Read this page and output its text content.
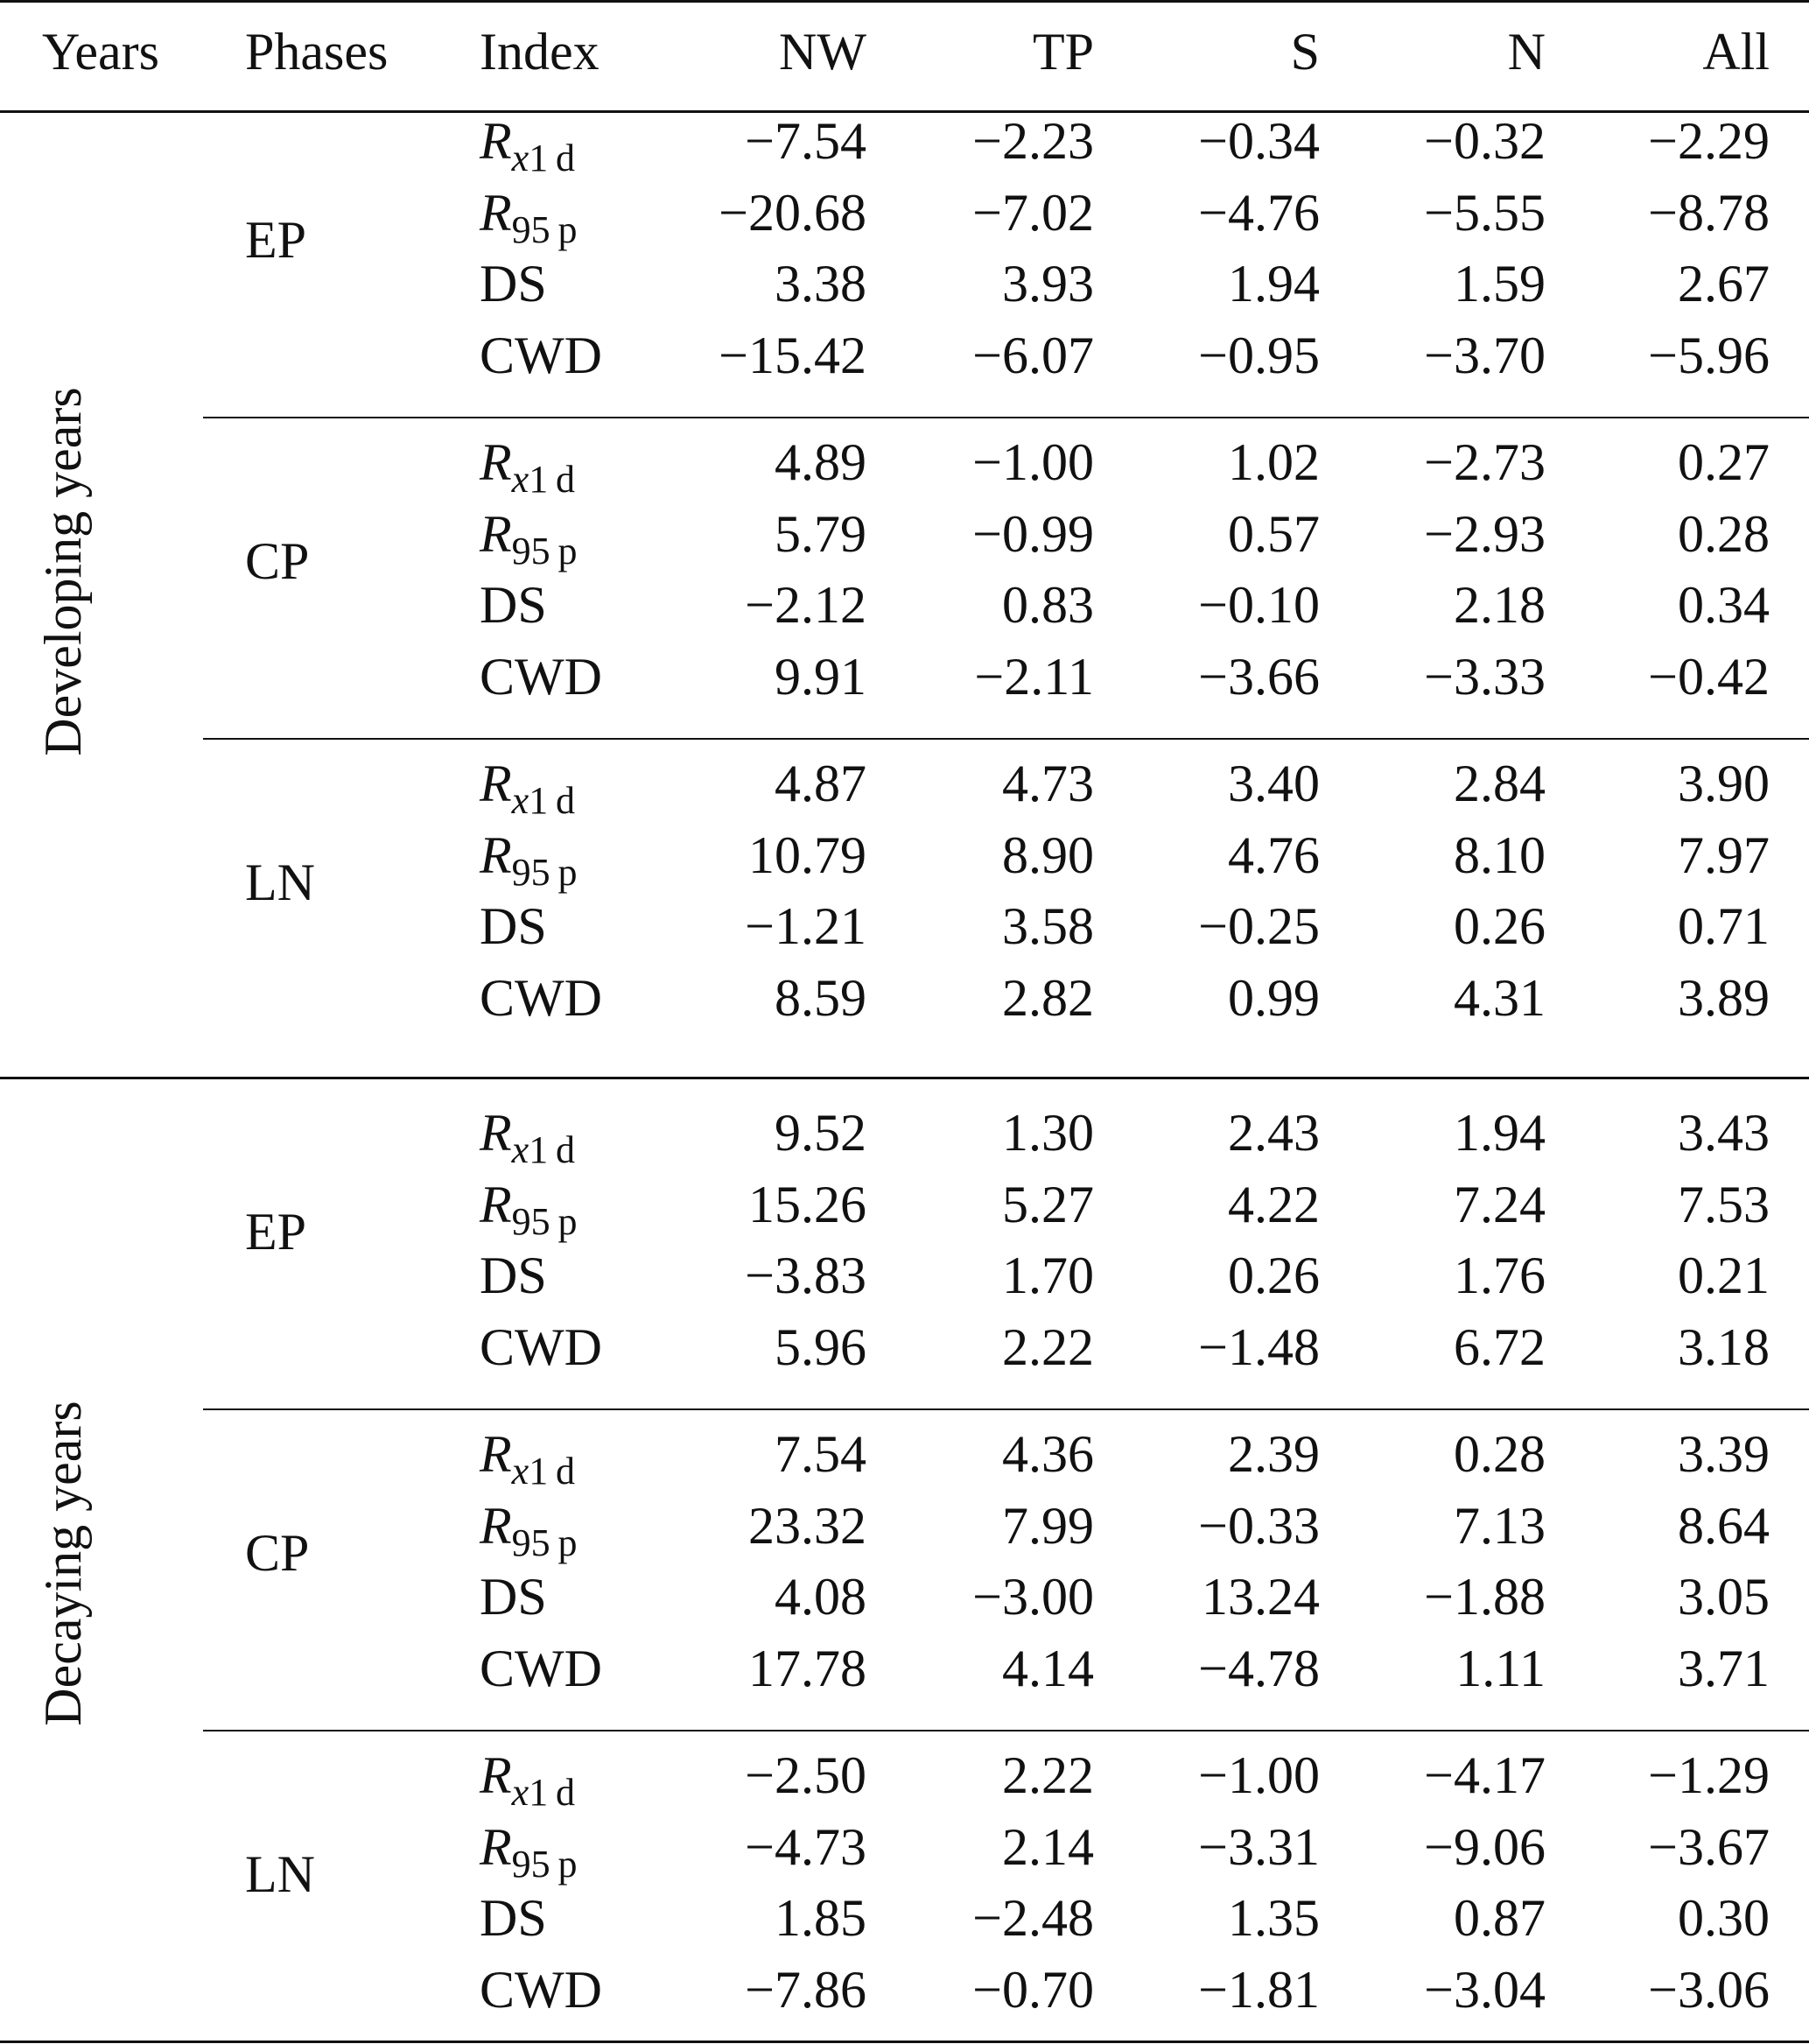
Years	Phases	Index	NW	TP	S	N	All
Developing years
EP
$R_{x1 d}$	−7.54	−2.23	−0.34	−0.32	−2.29
$R_{95 p}$	−20.68	−7.02	−4.76	−5.55	−8.78
DS	3.38	3.93	1.94	1.59	2.67
CWD	−15.42	−6.07	−0.95	−3.70	−5.96
CP
$R_{x1 d}$	4.89	−1.00	1.02	−2.73	0.27
$R_{95 p}$	5.79	−0.99	0.57	−2.93	0.28
DS	−2.12	0.83	−0.10	2.18	0.34
CWD	9.91	−2.11	−3.66	−3.33	−0.42
LN
$R_{x1 d}$	4.87	4.73	3.40	2.84	3.90
$R_{95 p}$	10.79	8.90	4.76	8.10	7.97
DS	−1.21	3.58	−0.25	0.26	0.71
CWD	8.59	2.82	0.99	4.31	3.89
Decaying years
EP
$R_{x1 d}$	9.52	1.30	2.43	1.94	3.43
$R_{95 p}$	15.26	5.27	4.22	7.24	7.53
DS	−3.83	1.70	0.26	1.76	0.21
CWD	5.96	2.22	−1.48	6.72	3.18
CP
$R_{x1 d}$	7.54	4.36	2.39	0.28	3.39
$R_{95 p}$	23.32	7.99	−0.33	7.13	8.64
DS	4.08	−3.00	13.24	−1.88	3.05
CWD	17.78	4.14	−4.78	1.11	3.71
LN
$R_{x1 d}$	−2.50	2.22	−1.00	−4.17	−1.29
$R_{95 p}$	−4.73	2.14	−3.31	−9.06	−3.67
DS	1.85	−2.48	1.35	0.87	0.30
CWD	−7.86	−0.70	−1.81	−3.04	−3.06
